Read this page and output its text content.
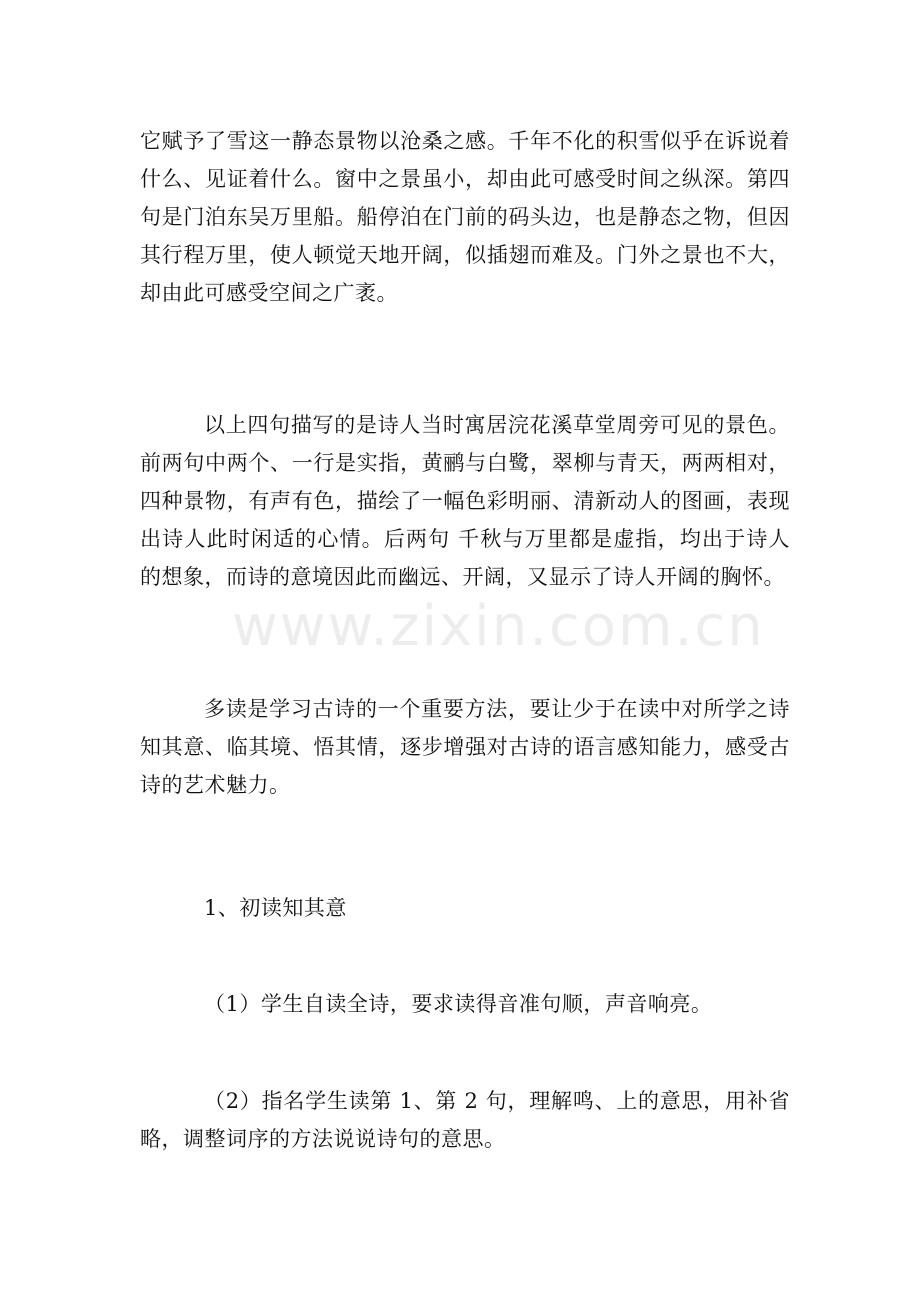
它赋予了雪这一静态景物以沧桑之感。千年不化的积雪似乎在诉说着什么、见证着什么。窗中之景虽小，却由此可感受时间之纵深。第四句是门泊东吴万里船。船停泊在门前的码头边，也是静态之物，但因其行程万里，使人顿觉天地开阔，似插翅而难及。门外之景也不大，却由此可感受空间之广袤。

以上四句描写的是诗人当时寓居浣花溪草堂周旁可见的景色。前两句中两个、一行是实指，黄鹂与白鹭，翠柳与青天，两两相对，四种景物，有声有色，描绘了一幅色彩明丽、清新动人的图画，表现出诗人此时闲适的心情。后两句 千秋与万里都是虚指，均出于诗人的想象，而诗的意境因此而幽远、开阔，又显示了诗人开阔的胸怀。

多读是学习古诗的一个重要方法，要让少于在读中对所学之诗知其意、临其境、悟其情，逐步增强对古诗的语言感知能力，感受古诗的艺术魅力。

1、初读知其意

（1）学生自读全诗，要求读得音准句顺，声音响亮。

（2）指名学生读第 1、第 2 句，理解鸣、上的意思，用补省略，调整词序的方法说说诗句的意思。

www.zixin.com.cn
